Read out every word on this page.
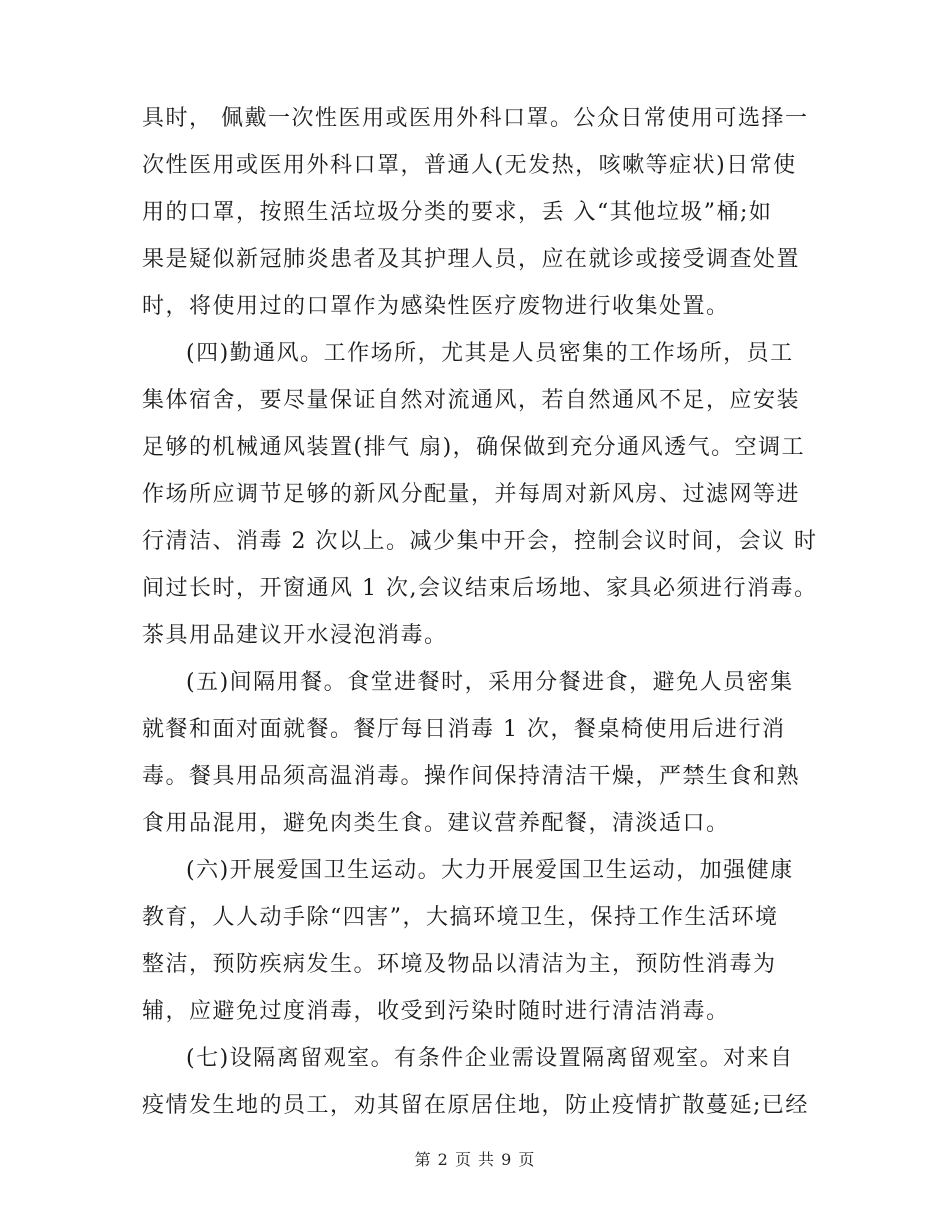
具时， 佩戴一次性医用或医用外科口罩。公众日常使用可选择一
次性医用或医用外科口罩，普通人(无发热，咳嗽等症状)日常使
用的口罩，按照生活垃圾分类的要求，丢 入“其他垃圾”桶;如
果是疑似新冠肺炎患者及其护理人员，应在就诊或接受调查处置
时，将使用过的口罩作为感染性医疗废物进行收集处置。
(四)勤通风。工作场所，尤其是人员密集的工作场所，员工
集体宿舍，要尽量保证自然对流通风，若自然通风不足，应安装
足够的机械通风装置(排气 扇)，确保做到充分通风透气。空调工
作场所应调节足够的新风分配量，并每周对新风房、过滤网等进
行清洁、消毒 2 次以上。减少集中开会，控制会议时间，会议 时
间过长时，开窗通风 1 次,会议结束后场地、家具必须进行消毒。
茶具用品建议开水浸泡消毒。
(五)间隔用餐。食堂进餐时，采用分餐进食，避免人员密集
就餐和面对面就餐。餐厅每日消毒 1 次，餐桌椅使用后进行消
毒。餐具用品须高温消毒。操作间保持清洁干燥，严禁生食和熟
食用品混用，避免肉类生食。建议营养配餐，清淡适口。
(六)开展爱国卫生运动。大力开展爱国卫生运动，加强健康
教育，人人动手除“四害”，大搞环境卫生，保持工作生活环境
整洁，预防疾病发生。环境及物品以清洁为主，预防性消毒为
辅，应避免过度消毒，收受到污染时随时进行清洁消毒。
(七)设隔离留观室。有条件企业需设置隔离留观室。对来自
疫情发生地的员工，劝其留在原居住地，防止疫情扩散蔓延;已经
第 2 页 共 9 页
